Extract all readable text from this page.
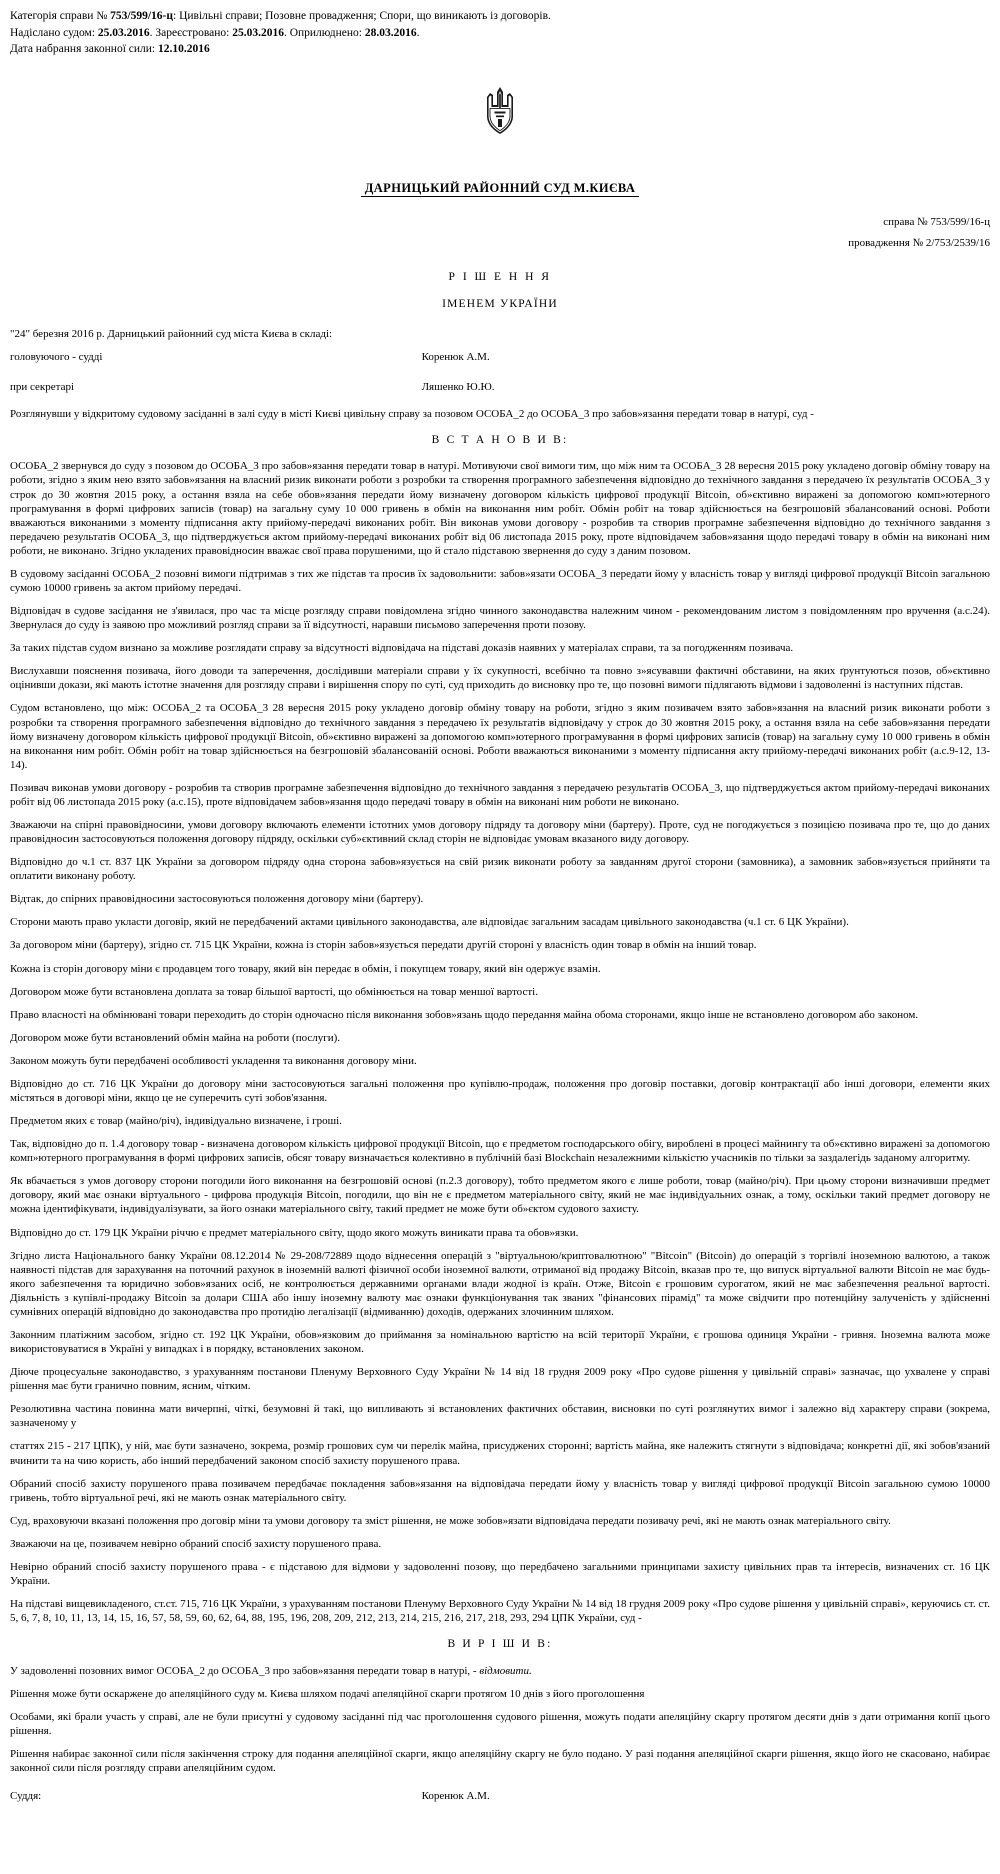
Категорія справи № 753/599/16-ц: Цивільні справи; Позовне провадження; Спори, що виникають із договорів.
Надіслано судом: 25.03.2016. Зареєстровано: 25.03.2016. Оприлюднено: 28.03.2016.
Дата набрання законної сили: 12.10.2016
ДАРНИЦЬКИЙ РАЙОННИЙ СУД М.КИЄВА
справа № 753/599/16-ц
провадження № 2/753/2539/16
Р І Ш Е Н Н Я
ІМЕНЕМ УКРАЇНИ

"24" березня 2016 р. Дарницький районний суд міста Києва в складі:

головуючого - судді	Коренюк А.М.
при секретарі	Ляшенко Ю.Ю.

Розглянувши у відкритому судовому засіданні в залі суду в місті Києві цивільну справу за позовом ОСОБА_2 до ОСОБА_3 про забов»язання передати товар в натурі, суд -

В С Т А Н О В И В:

ОСОБА_2 звернувся до суду з позовом до ОСОБА_3 про забов»язання передати товар в натурі. Мотивуючи свої вимоги тим, що між ним та ОСОБА_3 28 вересня 2015 року укладено договір обміну товару на роботи, згідно з яким нею взято забов»язання на власний ризик виконати роботи з розробки та створення програмного забезпечення відповідно до технічного завдання з передачею їх результатів ОСОБА_3 у строк до 30 жовтня 2015 року, а остання взяла на себе обов»язання передати йому визначену договором кількість цифрової продукції Bitcoin, об»єктивно виражені за допомогою комп»ютерного програмування в формі цифрових записів (товар) на загальну суму 10 000 гривень в обмін на виконання ним робіт. Обмін робіт на товар здійснюється на безгрошовій збалансований основі. Роботи вважаються виконаними з моменту підписання акту прийому-передачі виконаних робіт. Він виконав умови договору - розробив та створив програмне забезпечення відповідно до технічного завдання з передачею результатів ОСОБА_3, що підтверджується актом прийому-передачі виконаних робіт від 06 листопада 2015 року, проте відповідачем забов»язання щодо передачі товару в обмін на виконані ним роботи, не виконано. Згідно укладених правовідносин вважає свої права порушеними, що й стало підставою звернення до суду з даним позовом.

В судовому засіданні ОСОБА_2 позовні вимоги підтримав з тих же підстав та просив їх задовольнити: забов»язати ОСОБА_3 передати йому у власність товар у вигляді цифрової продукції Bitcoin загальною сумою 10000 гривень за актом прийому передачі.

Відповідач в судове засідання не з'явилася, про час та місце розгляду справи повідомлена згідно чинного законодавства належним чином - рекомендованим листом з повідомленням про вручення (а.с.24). Звернулася до суду із заявою про можливий розгляд справи за її відсутності, наравши письмово заперечення проти позову.

За таких підстав судом визнано за можливе розглядати справу за відсутності відповідача на підставі доказів наявних у матеріалах справи, та за погодженням позивача.

Вислухавши пояснення позивача, його доводи та заперечення, дослідивши матеріали справи у їх сукупності, всебічно та повно з»ясувавши фактичні обставини, на яких ґрунтуються позов, об»єктивно оцінивши докази, які мають істотне значення для розгляду справи і вирішення спору по суті, суд приходить до висновку про те, що позовні вимоги підлягають відмови і задоволенні із наступних підстав.

Судом встановлено, що між: ОСОБА_2 та ОСОБА_3 28 вересня 2015 року укладено договір обміну товару на роботи, згідно з яким позивачем взято забов»язання на власний ризик виконати роботи з розробки та створення програмного забезпечення відповідно до технічного завдання з передачею їх результатів відповідачу у строк до 30 жовтня 2015 року, а остання взяла на себе забов»язання передати йому визначену договором кількість цифрової продукції Bitcoin, об»єктивно виражені за допомогою комп»ютерного програмування в формі цифрових записів (товар) на загальну суму 10 000 гривень в обмін на виконання ним робіт. Обмін робіт на товар здійснюється на безгрошовій збалансованій основі. Роботи вважаються виконаними з моменту підписання акту прийому-передачі виконаних робіт (а.с.9-12, 13-14).

Позивач виконав умови договору - розробив та створив програмне забезпечення відповідно до технічного завдання з передачею результатів ОСОБА_3, що підтверджується актом прийому-передачі виконаних робіт від 06 листопада 2015 року (а.с.15), проте відповідачем забов»язання щодо передачі товару в обмін на виконані ним роботи не виконано.

Зважаючи на спірні правовідносини, умови договору включають елементи істотних умов договору підряду та договору міни (бартеру). Проте, суд не погоджується з позицією позивача про те, що до даних правовідносин застосовуються положення договору підряду, оскільки суб»єктивний склад сторін не відповідає умовам вказаного виду договору.

Відповідно до ч.1 ст. 837 ЦК України за договором підряду одна сторона забов»язується на свій ризик виконати роботу за завданням другої сторони (замовника), а замовник забов»язується прийняти та оплатити виконану роботу.

Відтак, до спірних правовідносини застосовуються положення договору міни (бартеру).

Сторони мають право укласти договір, який не передбачений актами цивільного законодавства, але відповідає загальним засадам цивільного законодавства (ч.1 ст. 6 ЦК України).

За договором міни (бартеру), згідно ст. 715 ЦК України, кожна із сторін забов»язується передати другій стороні у власність один товар в обмін на інший товар.

Кожна із сторін договору міни є продавцем того товару, який він передає в обмін, і покупцем товару, який він одержує взамін.

Договором може бути встановлена доплата за товар більшої вартості, що обмінюється на товар меншої вартості.

Право власності на обмінювані товари переходить до сторін одночасно після виконання зобов»язань щодо передання майна обома сторонами, якщо інше не встановлено договором або законом.

Договором може бути встановлений обмін майна на роботи (послуги).

Законом можуть бути передбачені особливості укладення та виконання договору міни.

Відповідно до ст. 716 ЦК України до договору міни застосовуються загальні положення про купівлю-продаж, положення про договір поставки, договір контрактації або інші договори, елементи яких містяться в договорі міни, якщо це не суперечить суті зобов'язання.

Предметом яких є товар (майно/річ), індивідуально визначене, і гроші.

Так, відповідно до п. 1.4 договору товар - визначена договором кількість цифрової продукції Bitcoin, що є предметом господарського обігу, вироблені в процесі майнингу та об»єктивно виражені за допомогою комп»ютерного програмування в формі цифрових записів, обсяг товару визначається колективно в публічній базі Blockchain незалежними кількістю учасників по тільки за заздалегідь заданому алгоритму.

Як вбачається з умов договору сторони погодили його виконання на безгрошовій основі (п.2.3 договору), тобто предметом якого є лише роботи, товар (майно/річ). При цьому сторони визначивши предмет договору, який має ознаки віртуального - цифрова продукція Bitcoin, погодили, що він не є предметом матеріального світу, який не має індивідуальних ознак, а тому, оскільки такий предмет договору не можна ідентифікувати, індивідуалізувати, за його ознаки матеріального світу, такий предмет не може бути об»єктом судового захисту.

Відповідно до ст. 179 ЦК України річчю є предмет матеріального світу, щодо якого можуть виникати права та обов»язки.

Згідно листа Національного банку України 08.12.2014 № 29-208/72889 щодо віднесення операцій з "віртуальною/криптовалютною" "Bitcoin" (Bitcoin) до операцій з торгівлі іноземною валютою, а також наявності підстав для зарахування на поточний рахунок в іноземній валюті фізичної особи іноземної валюти, отриманої від продажу Bitcoin, вказав про те, що випуск віртуальної валюти Bitcoin не має будь-якого забезпечення та юридично зобов»язаних осіб, не контролюється державними органами влади жодної із країн. Отже, Bitcoin є грошовим сурогатом, який не має забезпечення реальної вартості. Діяльність з купівлі-продажу Bitcoin за долари США або іншу іноземну валюту має ознаки функціонування так званих "фінансових пірамід" та може свідчити про потенційну залученість у здійсненні сумнівних операцій відповідно до законодавства про протидію легалізації (відмиванню) доходів, одержаних злочинним шляхом.

Законним платіжним засобом, згідно ст. 192 ЦК України, обов»язковим до приймання за номінальною вартістю на всій території України, є грошова одиниця України - гривня. Іноземна валюта може використовуватися в Україні у випадках і в порядку, встановлених законом.

Діюче процесуальне законодавство, з урахуванням постанови Пленуму Верховного Суду України № 14 від 18 грудня 2009 року «Про судове рішення у цивільній справі» зазначає, що ухвалене у справі рішення має бути гранично повним, ясним, чітким.

Резолютивна частина повинна мати вичерпні, чіткі, безумовні й такі, що випливають зі встановлених фактичних обставин, висновки по суті розглянутих вимог і залежно від характеру справи (зокрема, зазначеному у

статтях 215 - 217 ЦПК), у ній, має бути зазначено, зокрема, розмір грошових сум чи перелік майна, присуджених сторонні; вартість майна, яке належить стягнути з відповідача; конкретні дії, які зобов'язаний вчинити та на чию користь, або інший передбачений законом спосіб захисту порушеного права.

Обраний спосіб захисту порушеного права позивачем передбачає покладення забов»язання на відповідача передати йому у власність товар у вигляді цифрової продукції Bitcoin загальною сумою 10000 гривень, тобто віртуальної речі, які не мають ознак матеріального світу.

Суд, враховуючи вказані положення про договір міни та умови договору та зміст рішення, не може зобов»язати відповідача передати позивачу речі, які не мають ознак матеріального світу.

Зважаючи на це, позивачем невірно обраний спосіб захисту порушеного права.

Невірно обраний спосіб захисту порушеного права - є підставою для відмови у задоволенні позову, що передбачено загальними принципами захисту цивільних прав та інтересів, визначених ст. 16 ЦК України.

На підставі вищевикладеного, ст.ст. 715, 716 ЦК України, з урахуванням постанови Пленуму Верховного Суду України № 14 від 18 грудня 2009 року «Про судове рішення у цивільній справі», керуючись ст. ст. 5, 6, 7, 8, 10, 11, 13, 14, 15, 16, 57, 58, 59, 60, 62, 64, 88, 195, 196, 208, 209, 212, 213, 214, 215, 216, 217, 218, 293, 294 ЦПК України, суд -

В И Р І Ш И В:

У задоволенні позовних вимог ОСОБА_2 до ОСОБА_3 про забов»язання передати товар в натурі, - відмовити.

Рішення може бути оскаржене до апеляційного суду м. Києва шляхом подачі апеляційної скарги протягом 10 днів з його проголошення

Особами, які брали участь у справі, але не були присутні у судовому засіданні під час проголошення судового рішення, можуть подати апеляційну скаргу протягом десяти днів з дати отримання копії цього рішення.

Рішення набирає законної сили після закінчення строку для подання апеляційної скарги, якщо апеляційну скаргу не було подано. У разі подання апеляційної скарги рішення, якщо його не скасовано, набирає законної сили після розгляду справи апеляційним судом.

Суддя:	Коренюк А.М.
